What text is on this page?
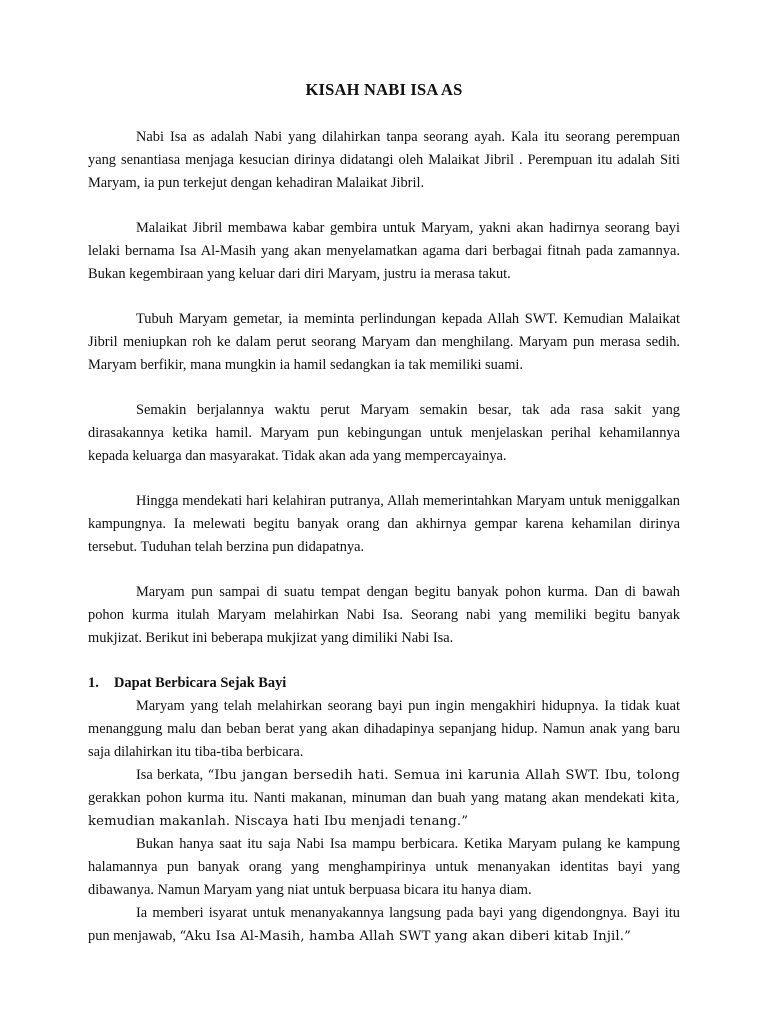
KISAH NABI ISA AS

Nabi Isa as adalah Nabi yang dilahirkan tanpa seorang ayah. Kala itu seorang perempuan yang senantiasa menjaga kesucian dirinya didatangi oleh Malaikat Jibril . Perempuan itu adalah Siti Maryam, ia pun terkejut dengan kehadiran Malaikat Jibril.

Malaikat Jibril membawa kabar gembira untuk Maryam, yakni akan hadirnya seorang bayi lelaki bernama Isa Al-Masih yang akan menyelamatkan agama dari berbagai fitnah pada zamannya. Bukan kegembiraan yang keluar dari diri Maryam, justru ia merasa takut.

Tubuh Maryam gemetar, ia meminta perlindungan kepada Allah SWT. Kemudian Malaikat Jibril meniupkan roh ke dalam perut seorang Maryam dan menghilang. Maryam pun merasa sedih. Maryam berfikir, mana mungkin ia hamil sedangkan ia tak memiliki suami.

Semakin berjalannya waktu perut Maryam semakin besar, tak ada rasa sakit yang dirasakannya ketika hamil. Maryam pun kebingungan untuk menjelaskan perihal kehamilannya kepada keluarga dan masyarakat. Tidak akan ada yang mempercayainya.

Hingga mendekati hari kelahiran putranya, Allah memerintahkan Maryam untuk meniggalkan kampungnya. Ia melewati begitu banyak orang dan akhirnya gempar karena kehamilan dirinya tersebut. Tuduhan telah berzina pun didapatnya.

Maryam pun sampai di suatu tempat dengan begitu banyak pohon kurma. Dan di bawah pohon kurma itulah Maryam melahirkan Nabi Isa. Seorang nabi yang memiliki begitu banyak mukjizat. Berikut ini beberapa mukjizat yang dimiliki Nabi Isa.

1. Dapat Berbicara Sejak Bayi

Maryam yang telah melahirkan seorang bayi pun ingin mengakhiri hidupnya. Ia tidak kuat menanggung malu dan beban berat yang akan dihadapinya sepanjang hidup. Namun anak yang baru saja dilahirkan itu tiba-tiba berbicara.

Isa berkata, “Ibu jangan bersedih hati. Semua ini karunia Allah SWT. Ibu, tolong gerakkan pohon kurma itu. Nanti makanan, minuman dan buah yang matang akan mendekati kita, kemudian makanlah. Niscaya hati Ibu menjadi tenang.”

Bukan hanya saat itu saja Nabi Isa mampu berbicara. Ketika Maryam pulang ke kampung halamannya pun banyak orang yang menghampirinya untuk menanyakan identitas bayi yang dibawanya. Namun Maryam yang niat untuk berpuasa bicara itu hanya diam.

Ia memberi isyarat untuk menanyakannya langsung pada bayi yang digendongnya. Bayi itu pun menjawab, “Aku Isa Al-Masih, hamba Allah SWT yang akan diberi kitab Injil.”
